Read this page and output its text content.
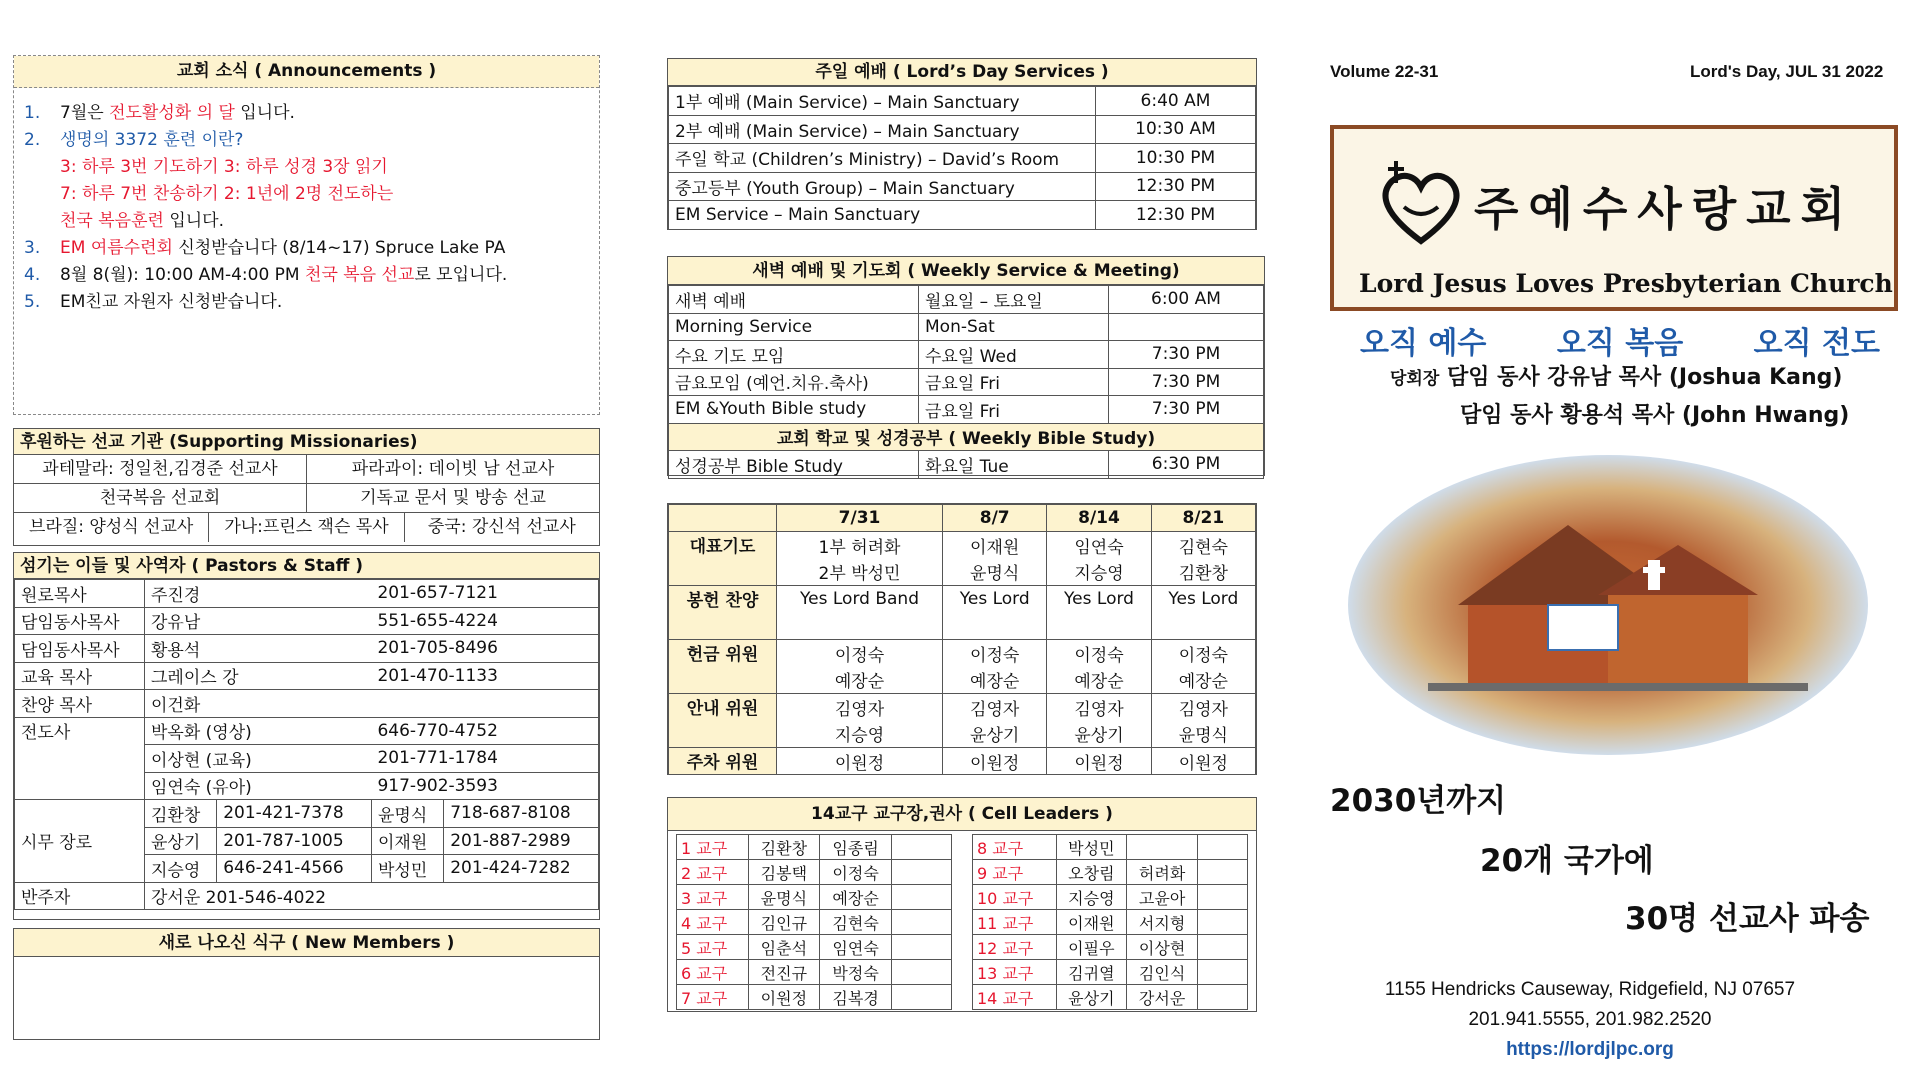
교회 소식 ( Announcements )
1. 7월은 전도활성화 의 달 입니다.
2. 생명의 3372 훈련 이란?
3: 하루 3번 기도하기 3: 하루 성경 3장 읽기
7: 하루 7번 찬송하기 2: 1년에 2명 전도하는
천국 복음훈련 입니다.
3. EM 여름수련회 신청받습니다 (8/14~17) Spruce Lake PA
4. 8월 8(월): 10:00 AM-4:00 PM 천국 복음 선교로 모입니다.
5. EM친교 자원자 신청받습니다.
후원하는 선교 기관 (Supporting Missionaries)
과테말라: 정일천,김경준 선교사	파라과이: 데이빗 남 선교사
천국복음 선교회	기독교 문서 및 방송 선교
브라질: 양성식 선교사	가나:프린스 잭슨 목사	중국: 강신석 선교사
섬기는 이들 및 사역자 ( Pastors & Staff )
원로목사	주진경		201-657-7121	
담임동사목사	강유남		551-655-4224	
담임동사목사	황용석		201-705-8496	
교육 목사	그레이스 강		201-470-1133	
찬양 목사	이건화			
전도사	박옥화 (영상)		646-770-4752	
	이상현 (교육)		201-771-1784	
	임연숙 (유아)		917-902-3593	
시무 장로	김환창	201-421-7378	윤명식	718-687-8108
	윤상기	201-787-1005	이재원	201-887-2989
	지승영	646-241-4566	박성민	201-424-7282
반주자	강서운 201-546-4022			
새로 나오신 식구 ( New Members )
주일 예배 ( Lord’s Day Services )
1부 예배 (Main Service) – Main Sanctuary	6:40 AM
2부 예배 (Main Service) – Main Sanctuary	10:30 AM
주일 학교 (Children’s Ministry) – David’s Room	10:30 PM
중고등부 (Youth Group) – Main Sanctuary	12:30 PM
EM Service – Main Sanctuary	12:30 PM
새벽 예배 및 기도회 ( Weekly Service & Meeting)
새벽 예배	월요일 – 토요일	6:00 AM
Morning Service	Mon-Sat	
수요 기도 모임	수요일 Wed	7:30 PM
금요모임 (예언.치유.축사)	금요일 Fri	7:30 PM
EM &Youth Bible study	금요일 Fri	7:30 PM
교회 학교 및 성경공부 ( Weekly Bible Study)		
성경공부 Bible Study	화요일 Tue	6:30 PM
	7/31	8/7	8/14	8/21
대표기도	1부 허려화	이재원	임연숙	김현숙
	2부 박성민	윤명식	지승영	김환창
봉헌 찬양	Yes Lord Band	Yes Lord	Yes Lord	Yes Lord

헌금 위원	이정숙	이정숙	이정숙	이정숙
	예장순	예장순	예장순	예장순
안내 위원	김영자	김영자	김영자	김영자
	지승영	윤상기	윤상기	윤명식
주차 위원	이원정	이원정	이원정	이원정
14교구 교구장,권사 ( Cell Leaders )
1 교구	김환창	임종림	
2 교구	김봉택	이정숙	
3 교구	윤명식	예장순	
4 교구	김인규	김현숙	
5 교구	임춘석	임연숙	
6 교구	전진규	박정숙	
7 교구	이원정	김복경	
8 교구	박성민		
9 교구	오창림	허려화	
10 교구	지승영	고윤아	
11 교구	이재원	서지형	
12 교구	이필우	이상현	
13 교구	김귀열	김인식	
14 교구	윤상기	강서운	
Volume 22-31	Lord's Day, JUL 31 2022
주예수사랑교회
Lord Jesus Loves Presbyterian Church
오직 예수 오직 복음 오직 전도
당회장 담임 동사 강유남 목사 (Joshua Kang)
담임 동사 황용석 목사 (John Hwang)
2030년까지
20개 국가에
30명 선교사 파송
1155 Hendricks Causeway, Ridgefield, NJ 07657
201.941.5555, 201.982.2520
https://lordjlpc.org
